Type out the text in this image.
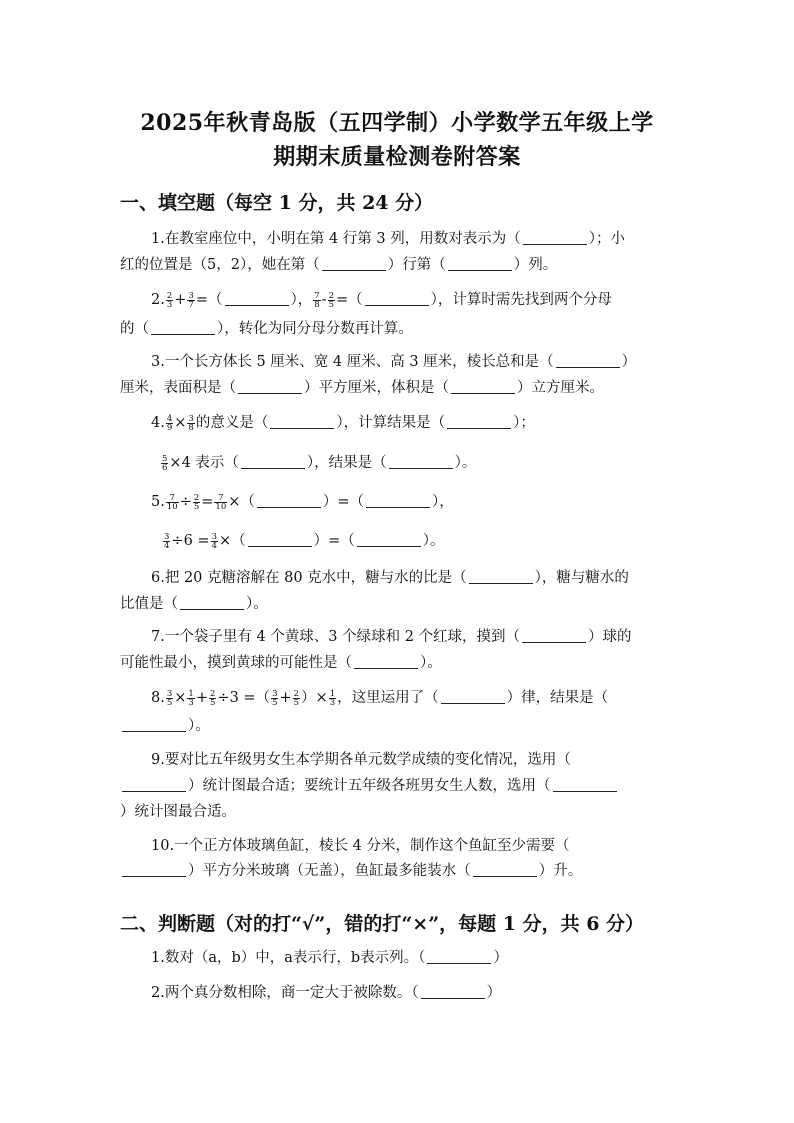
2025年秋青岛版（五四学制）小学数学五年级上学
期期末质量检测卷附答案
一、填空题（每空 1 分，共 24 分）
1.在教室座位中，小明在第 4 行第 3 列，用数对表示为（	）；小
红的位置是（5，2），她在第（	）行第（	）列。
2. $\frac{2}{3} + \frac{3}{7}$ =（	）， $\frac{7}{8} - \frac{2}{5}$ =（	），计算时需先找到两个分母
的（	），转化为同分母分数再计算。
3.一个长方体长 5 厘米、宽 4 厘米、高 3 厘米，棱长总和是（	）
厘米，表面积是（	）平方厘米，体积是（	）立方厘米。
4. $\frac{4}{9} \times \frac{3}{8}$ 的意义是（	），计算结果是（	）；
$\frac{5}{6} \times 4$ 表示（	），结果是（	）。
5. $\frac{7}{10} \div \frac{2}{5} = \frac{7}{10}$ ×（	）=（	），
$\frac{3}{4} \div 6 = \frac{3}{4}$ ×（	）=（	）。
6.把 20 克糖溶解在 80 克水中，糖与水的比是（	），糖与糖水的
比值是（	）。
7.一个袋子里有 4 个黄球、3 个绿球和 2 个红球，摸到（	）球的
可能性最小，摸到黄球的可能性是（	）。
8. $\frac{3}{5} \times \frac{1}{3} + \frac{2}{5} \div 3$ =（ $\frac{3}{5} + \frac{2}{5}$ ）× $\frac{1}{3}$ ，这里运用了（	）律，结果是（
）。
9.要对比五年级男女生本学期各单元数学成绩的变化情况，选用（
）统计图最合适；要统计五年级各班男女生人数，选用（
）统计图最合适。
10.一个正方体玻璃鱼缸，棱长 4 分米，制作这个鱼缸至少需要（
）平方分米玻璃（无盖），鱼缸最多能装水（	）升。
二、判断题（对的打“√”，错的打“×”，每题 1 分，共 6 分）
1.数对（a，b）中，a表示行，b表示列。（	）
2.两个真分数相除，商一定大于被除数。（	）
